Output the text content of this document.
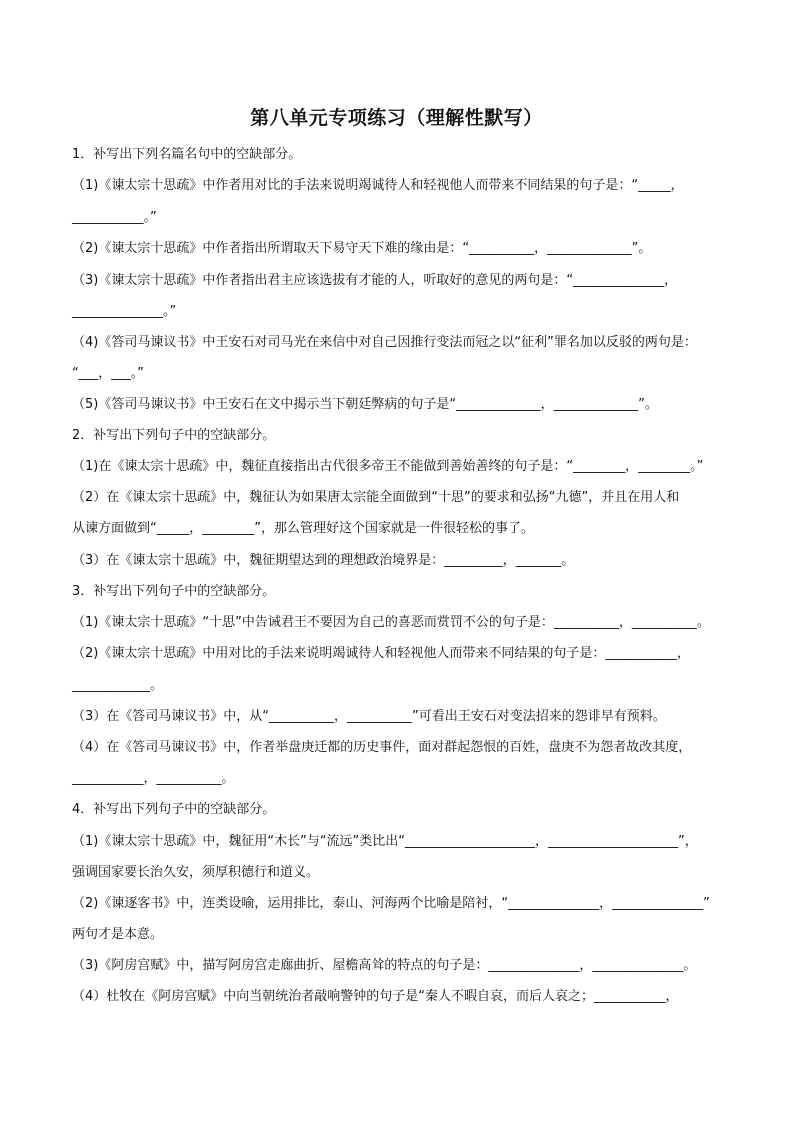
第八单元专项练习（理解性默写）
1．补写出下列名篇名句中的空缺部分。
（1)《谏太宗十思疏》中作者用对比的手法来说明竭诚待人和轻视他人而带来不同结果的句子是：“_____，
___________。”
（2)《谏太宗十思疏》中作者指出所谓取天下易守天下难的缘由是：“__________，_____________”。
（3)《谏太宗十思疏》中作者指出君主应该选拔有才能的人，听取好的意见的两句是：“______________，
______________。”
（4)《答司马谏议书》中王安石对司马光在来信中对自己因推行变法而冠之以“征利”罪名加以反驳的两句是：
“___，___。”
（5)《答司马谏议书》中王安石在文中揭示当下朝廷弊病的句子是“_____________，_____________”。
2．补写出下列句子中的空缺部分。
（1)在《谏太宗十思疏》中，魏征直接指出古代很多帝王不能做到善始善终的句子是：“________，________。”
（2）在《谏太宗十思疏》中，魏征认为如果唐太宗能全面做到“十思”的要求和弘扬“九德”，并且在用人和
从谏方面做到“_____，________”，那么管理好这个国家就是一件很轻松的事了。
（3）在《谏太宗十思疏》中，魏征期望达到的理想政治境界是：_________，_______。
3．补写出下列句子中的空缺部分。
（1)《谏太宗十思疏》“十思”中告诫君王不要因为自己的喜恶而赏罚不公的句子是：__________，__________。
（2)《谏太宗十思疏》中用对比的手法来说明竭诚待人和轻视他人而带来不同结果的句子是：___________，
____________。
（3）在《答司马谏议书》中，从“__________，__________”可看出王安石对变法招来的怨诽早有预料。
（4）在《答司马谏议书》中，作者举盘庚迁都的历史事件，面对群起怨恨的百姓，盘庚不为怨者故改其度，
___________，__________。
4．补写出下列句子中的空缺部分。
（1)《谏太宗十思疏》中，魏征用“木长”与“流远”类比出“____________________，____________________”，
强调国家要长治久安，须厚积德行和道义。
（2)《谏逐客书》中，连类设喻，运用排比，泰山、河海两个比喻是陪衬，“______________，______________”
两句才是本意。
（3)《阿房宫赋》中，描写阿房宫走廊曲折、屋檐高耸的特点的句子是：______________，______________。
（4）杜牧在《阿房宫赋》中向当朝统治者敲响警钟的句子是“秦人不暇自哀，而后人哀之；___________，
